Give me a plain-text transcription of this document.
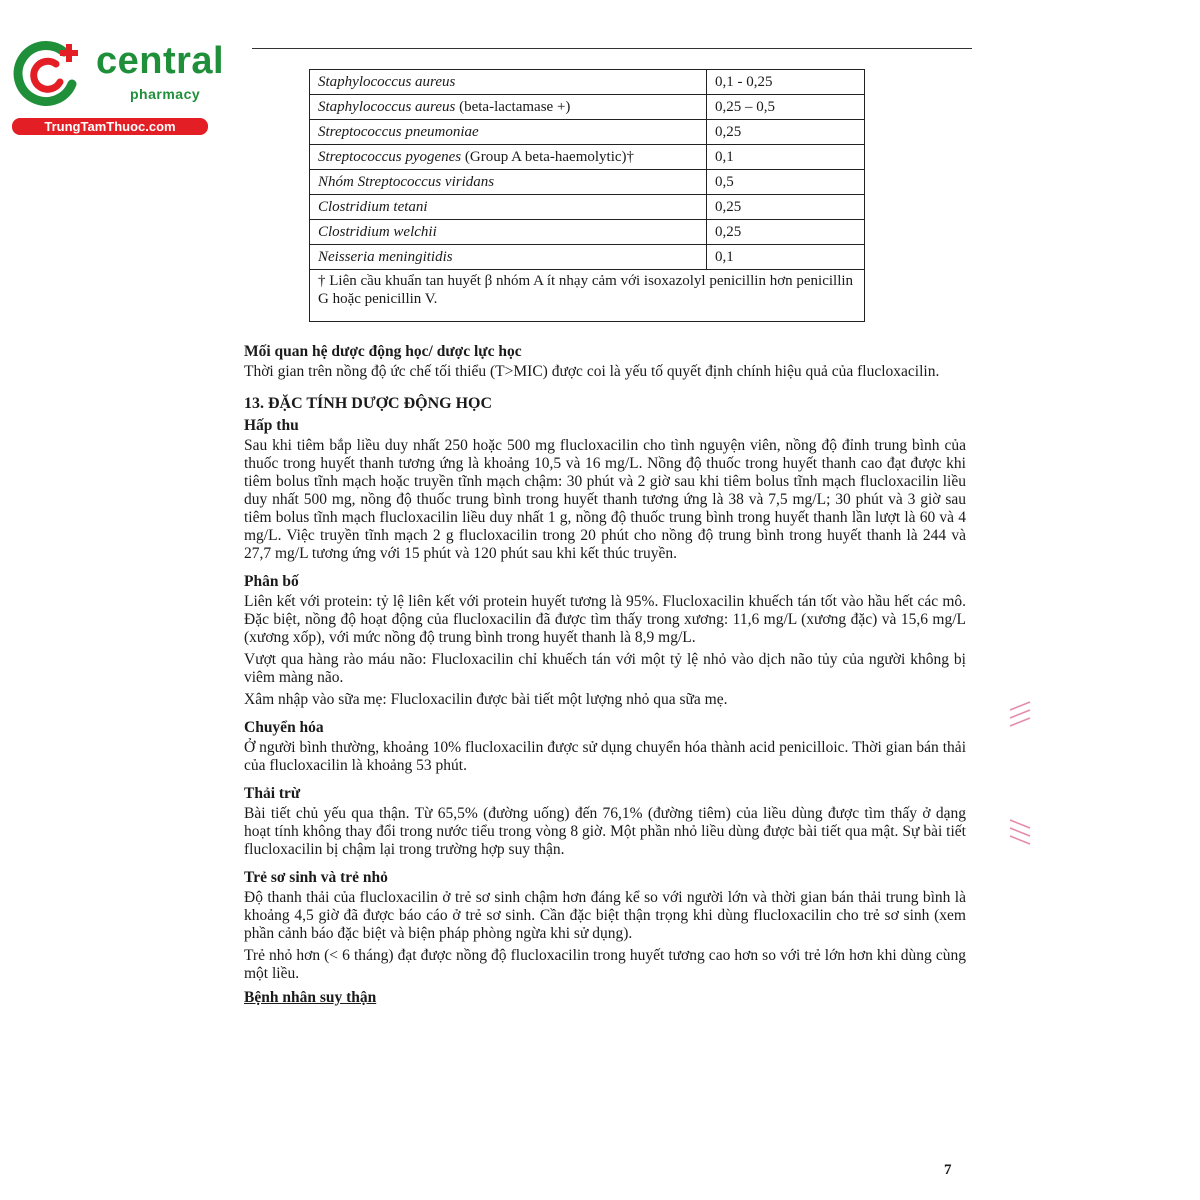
central
pharmacy
TrungTamThuoc.com
Staphylococcus aureus	0,1 - 0,25
Staphylococcus aureus (beta-lactamase +)	0,25 – 0,5
Streptococcus pneumoniae	0,25
Streptococcus pyogenes (Group A beta-haemolytic)†	0,1
Nhóm Streptococcus viridans	0,5
Clostridium tetani	0,25
Clostridium welchii	0,25
Neisseria meningitidis	0,1
† Liên cầu khuẩn tan huyết β nhóm A ít nhạy cảm với isoxazolyl penicillin hơn penicillin G hoặc penicillin V.	
Mối quan hệ dược động học/ dược lực học

Thời gian trên nồng độ ức chế tối thiểu (T>MIC) được coi là yếu tố quyết định chính hiệu quả của flucloxacilin.

13. ĐẶC TÍNH DƯỢC ĐỘNG HỌC
Hấp thu

Sau khi tiêm bắp liều duy nhất 250 hoặc 500 mg flucloxacilin cho tình nguyện viên, nồng độ đỉnh trung bình của thuốc trong huyết thanh tương ứng là khoảng 10,5 và 16 mg/L. Nồng độ thuốc trong huyết thanh cao đạt được khi tiêm bolus tĩnh mạch hoặc truyền tĩnh mạch chậm: 30 phút và 2 giờ sau khi tiêm bolus tĩnh mạch flucloxacilin liều duy nhất 500 mg, nồng độ thuốc trung bình trong huyết thanh tương ứng là 38 và 7,5 mg/L; 30 phút và 3 giờ sau tiêm bolus tĩnh mạch flucloxacilin liều duy nhất 1 g, nồng độ thuốc trung bình trong huyết thanh lần lượt là 60 và 4 mg/L. Việc truyền tĩnh mạch 2 g flucloxacilin trong 20 phút cho nồng độ trung bình trong huyết thanh là 244 và 27,7 mg/L tương ứng với 15 phút và 120 phút sau khi kết thúc truyền.

Phân bố

Liên kết với protein: tỷ lệ liên kết với protein huyết tương là 95%. Flucloxacilin khuếch tán tốt vào hầu hết các mô. Đặc biệt, nồng độ hoạt động của flucloxacilin đã được tìm thấy trong xương: 11,6 mg/L (xương đặc) và 15,6 mg/L (xương xốp), với mức nồng độ trung bình trong huyết thanh là 8,9 mg/L.

Vượt qua hàng rào máu não: Flucloxacilin chỉ khuếch tán với một tỷ lệ nhỏ vào dịch não tủy của người không bị viêm màng não.

Xâm nhập vào sữa mẹ: Flucloxacilin được bài tiết một lượng nhỏ qua sữa mẹ.

Chuyển hóa

Ở người bình thường, khoảng 10% flucloxacilin được sử dụng chuyển hóa thành acid penicilloic. Thời gian bán thải của flucloxacilin là khoảng 53 phút.

Thải trừ

Bài tiết chủ yếu qua thận. Từ 65,5% (đường uống) đến 76,1% (đường tiêm) của liều dùng được tìm thấy ở dạng hoạt tính không thay đổi trong nước tiểu trong vòng 8 giờ. Một phần nhỏ liều dùng được bài tiết qua mật. Sự bài tiết flucloxacilin bị chậm lại trong trường hợp suy thận.

Trẻ sơ sinh và trẻ nhỏ

Độ thanh thải của flucloxacilin ở trẻ sơ sinh chậm hơn đáng kể so với người lớn và thời gian bán thải trung bình là khoảng 4,5 giờ đã được báo cáo ở trẻ sơ sinh. Cần đặc biệt thận trọng khi dùng flucloxacilin cho trẻ sơ sinh (xem phần cảnh báo đặc biệt và biện pháp phòng ngừa khi sử dụng).

Trẻ nhỏ hơn (< 6 tháng) đạt được nồng độ flucloxacilin trong huyết tương cao hơn so với trẻ lớn hơn khi dùng cùng một liều.

Bệnh nhân suy thận
7
